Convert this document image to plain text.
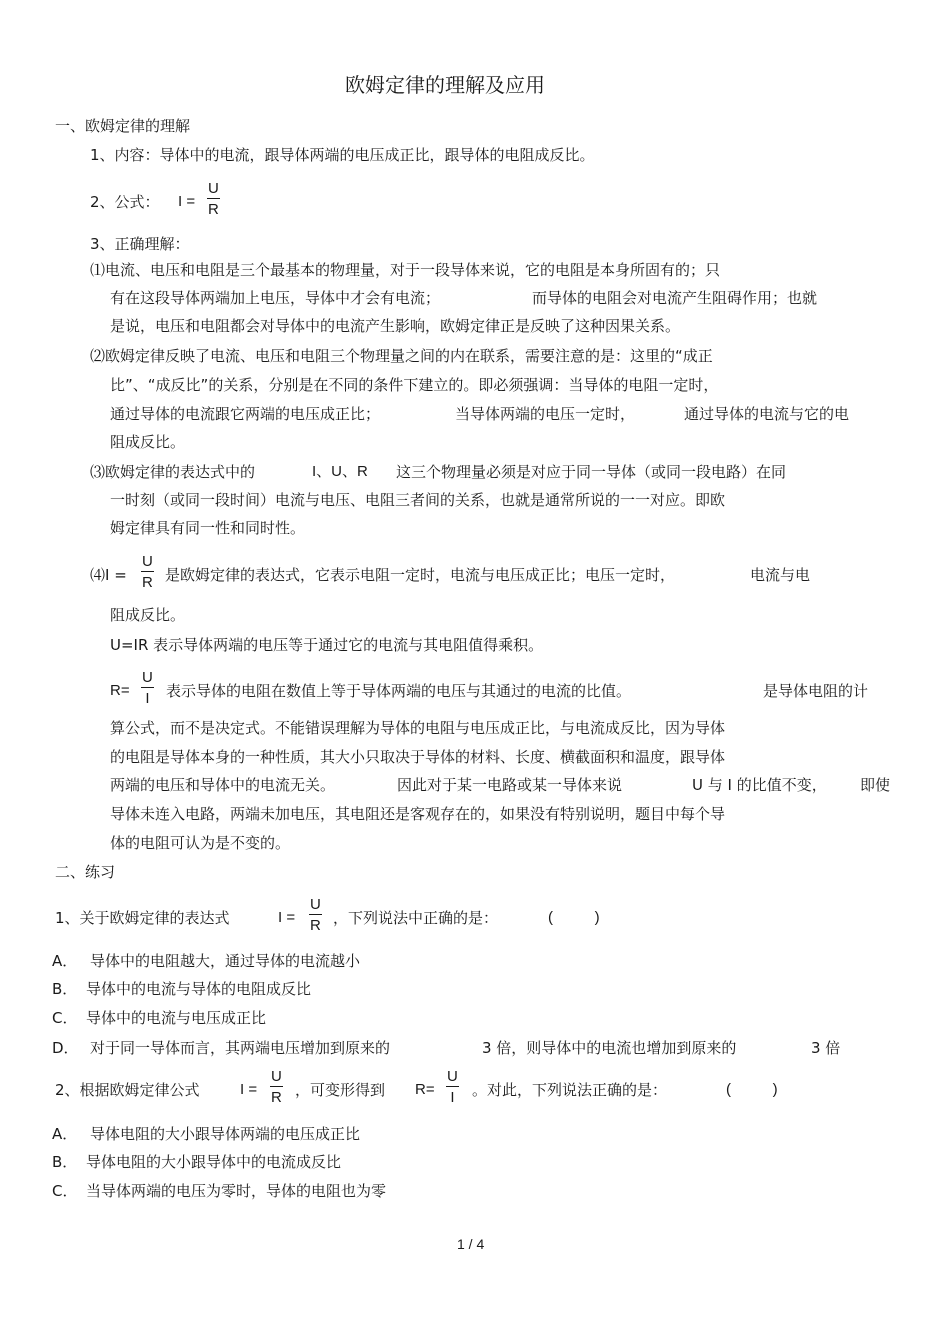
欧姆定律的理解及应用
一、欧姆定律的理解
1、内容：导体中的电流，跟导体两端的电压成正比，跟导体的电阻成反比。
2、公式： I =
U
R
3、正确理解：
⑴电流、电压和电阻是三个最基本的物理量，对于一段导体来说，它的电阻是本身所固有的；只
有在这段导体两端加上电压，导体中才会有电流；	而导体的电阻会对电流产生阻碍作用；也就
是说，电压和电阻都会对导体中的电流产生影响，欧姆定律正是反映了这种因果关系。
⑵欧姆定律反映了电流、电压和电阻三个物理量之间的内在联系，需要注意的是：这里的“成正
比”、“成反比”的关系，分别是在不同的条件下建立的。即必须强调：当导体的电阻一定时，
通过导体的电流跟它两端的电压成正比；	当导体两端的电压一定时，	通过导体的电流与它的电
阻成反比。
⑶欧姆定律的表达式中的	I、U、R 这三个物理量必须是对应于同一导体（或同一段电路）在同
一时刻（或同一段时间）电流与电压、电阻三者间的关系，也就是通常所说的一一对应。即欧
姆定律具有同一性和同时性。
⑷I =
U
R 是欧姆定律的表达式，它表示电阻一定时，电流与电压成正比；电压一定时，	电流与电
阻成反比。
U=IR 表示导体两端的电压等于通过它的电流与其电阻值得乘积。
R=
U
I 表示导体的电阻在数值上等于导体两端的电压与其通过的电流的比值。	是导体电阻的计
算公式，而不是决定式。不能错误理解为导体的电阻与电压成正比，与电流成反比，因为导体
的电阻是导体本身的一种性质，其大小只取决于导体的材料、长度、横截面积和温度，跟导体
两端的电压和导体中的电流无关。	因此对于某一电路或某一导体来说	U 与 I 的比值不变， 即使
导体未连入电路，两端未加电压，其电阻还是客观存在的，如果没有特别说明，题目中每个导
体的电阻可认为是不变的。
二、练习
1、关于欧姆定律的表达式	I =
U
R ，下列说法中正确的是：	(          )
A． 导体中的电阻越大，通过导体的电流越小
B． 导体中的电流与导体的电阻成反比
C． 导体中的电流与电压成正比
D． 对于同一导体而言，其两端电压增加到原来的	3 倍，则导体中的电流也增加到原来的	3 倍
2、根据欧姆定律公式	I =
U
R ，可变形得到 R=
U
I 。对此，下列说法正确的是：	(          )
A． 导体电阻的大小跟导体两端的电压成正比
B． 导体电阻的大小跟导体中的电流成反比
C． 当导体两端的电压为零时，导体的电阻也为零
1 / 4
